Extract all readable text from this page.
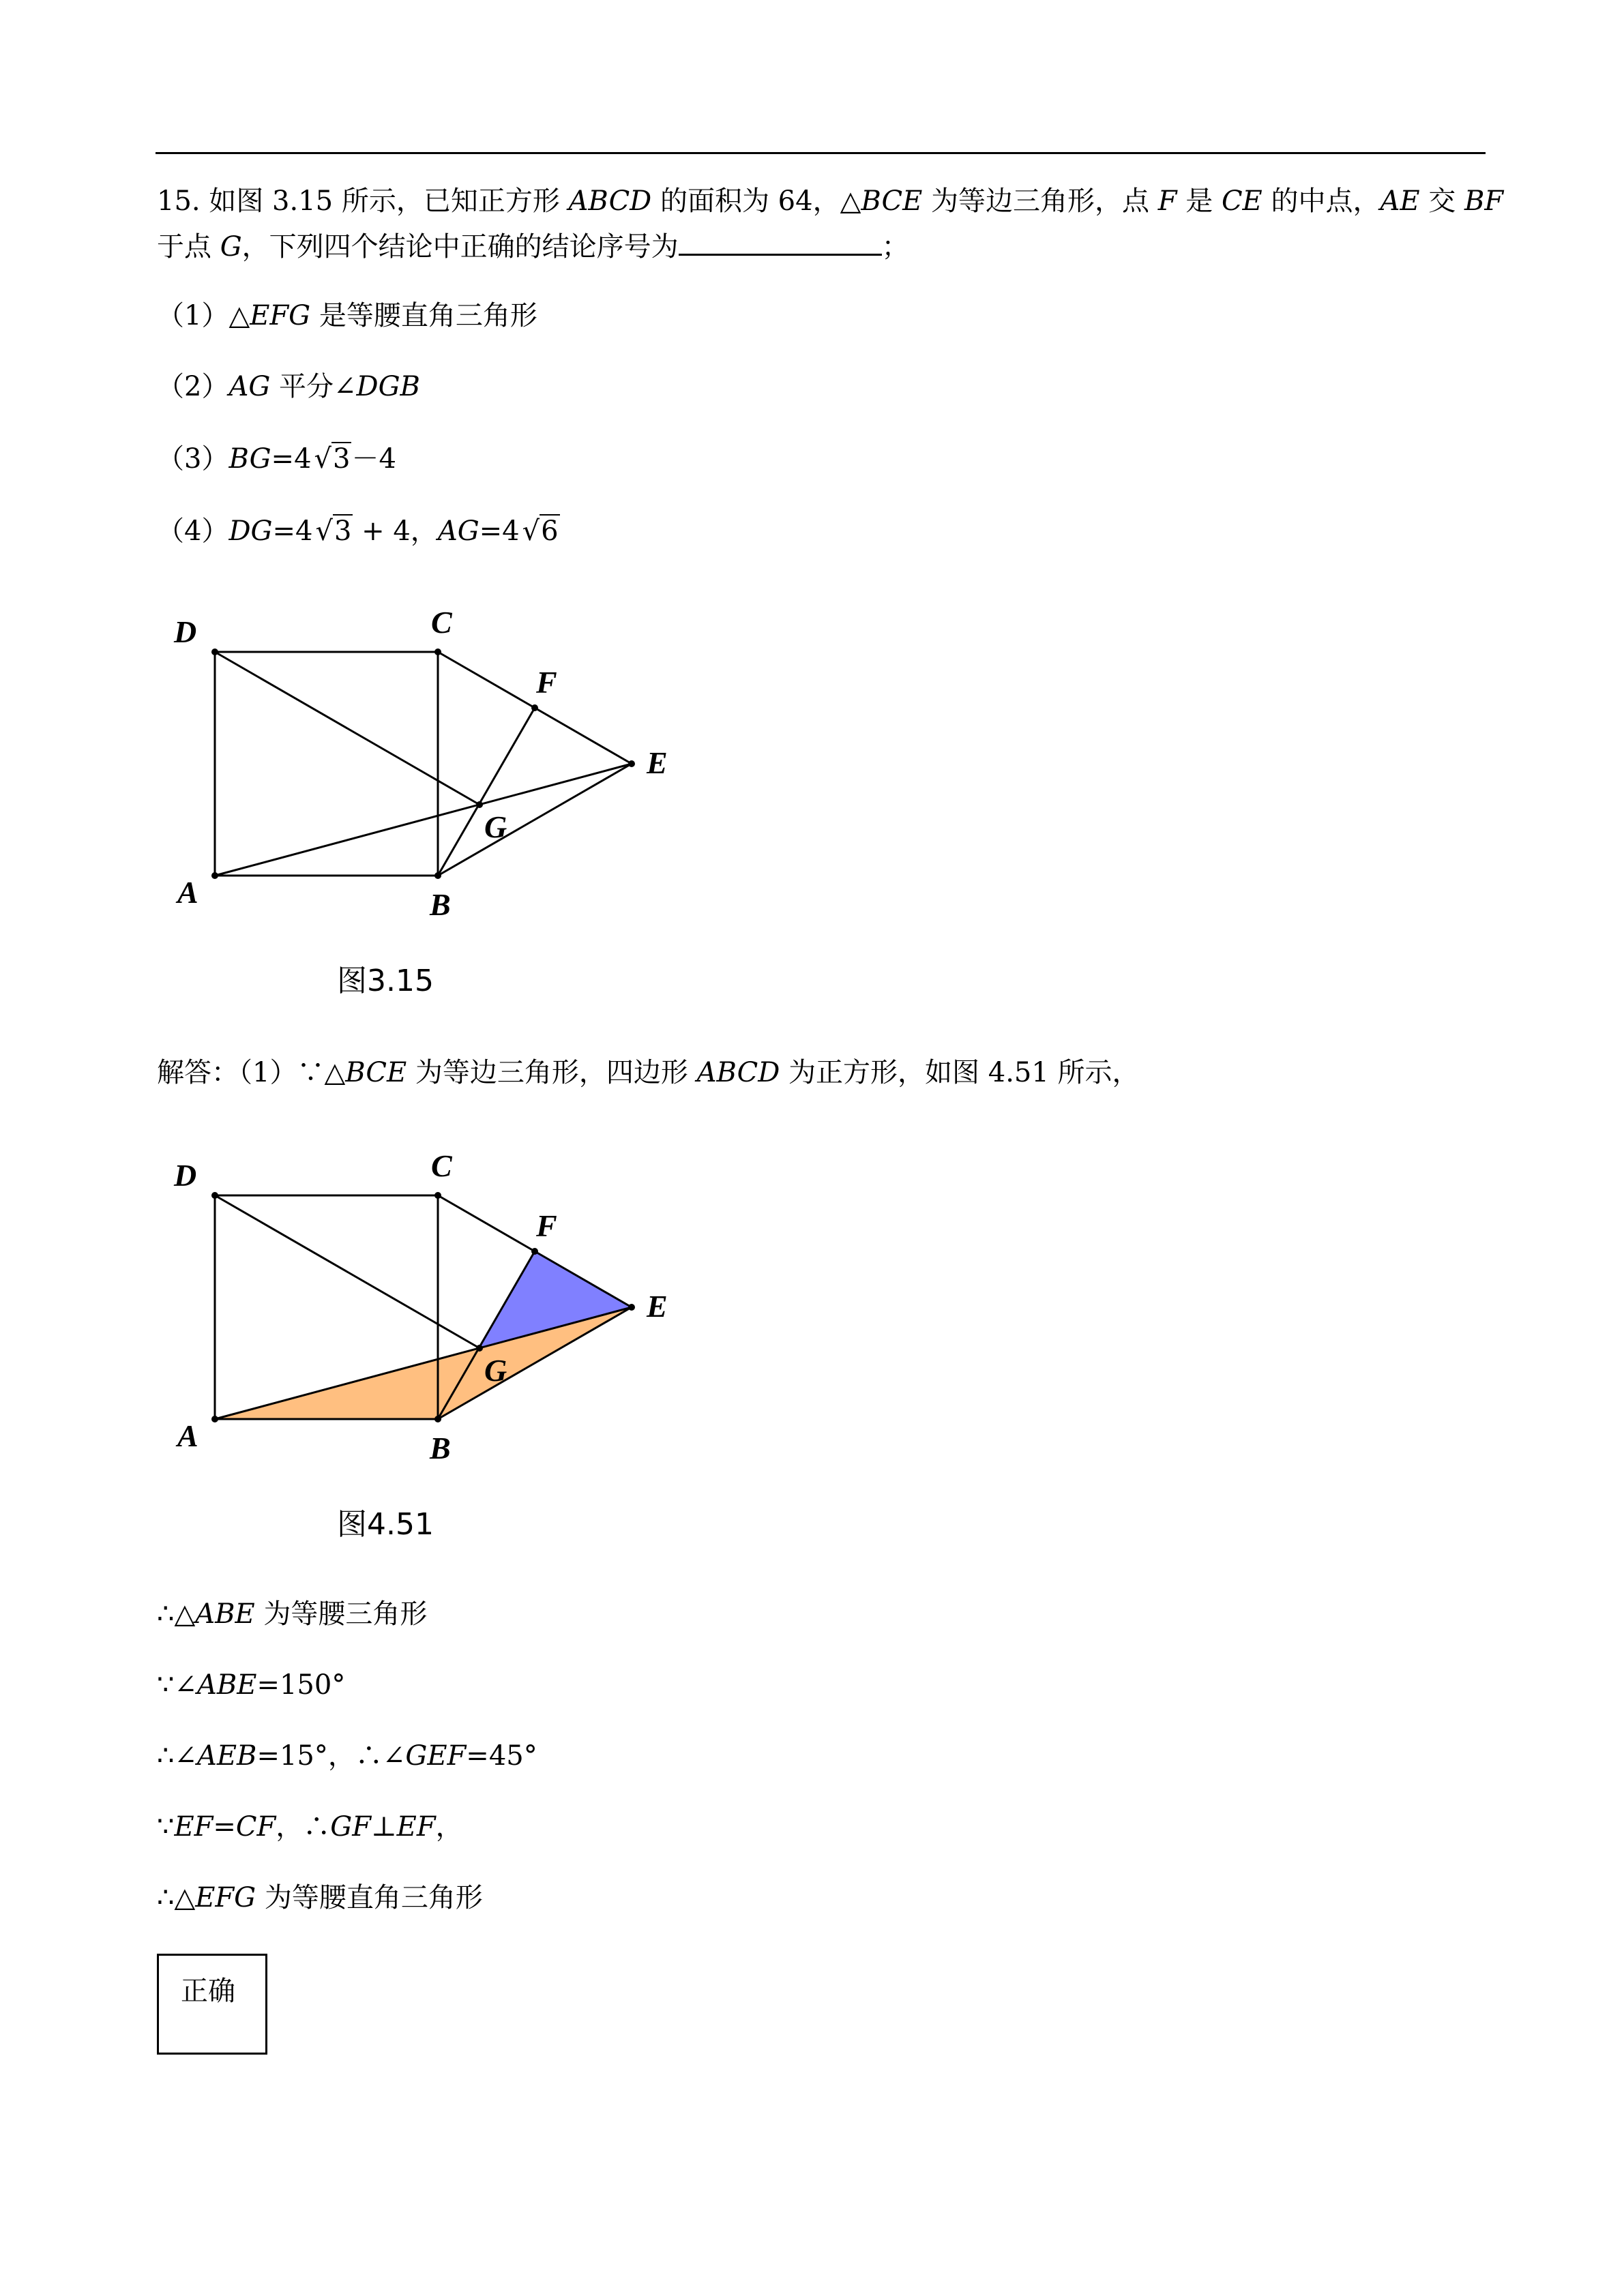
15. 如图 3.15 所示，已知正方形 ABCD 的面积为 64，△BCE 为等边三角形，点 F 是 CE 的中点，AE 交 BF
于点 G，下列四个结论中正确的结论序号为	；
（1）△EFG 是等腰直角三角形
（2）AG 平分∠DGB
（3）BG=4 √3－4
（4）DG=4 √3 + 4，AG=4 √6
D	C
F
E
G
A	B
图3.15
解答：（1）∵△BCE 为等边三角形，四边形 ABCD 为正方形，如图 4.51 所示，
D	C
F
E
G
A	B
图4.51
∴△ABE 为等腰三角形
∵∠ABE=150°
∴∠AEB=15°，∴∠GEF=45°
∵EF=CF，∴GF⊥EF，
∴△EFG 为等腰直角三角形
正确
